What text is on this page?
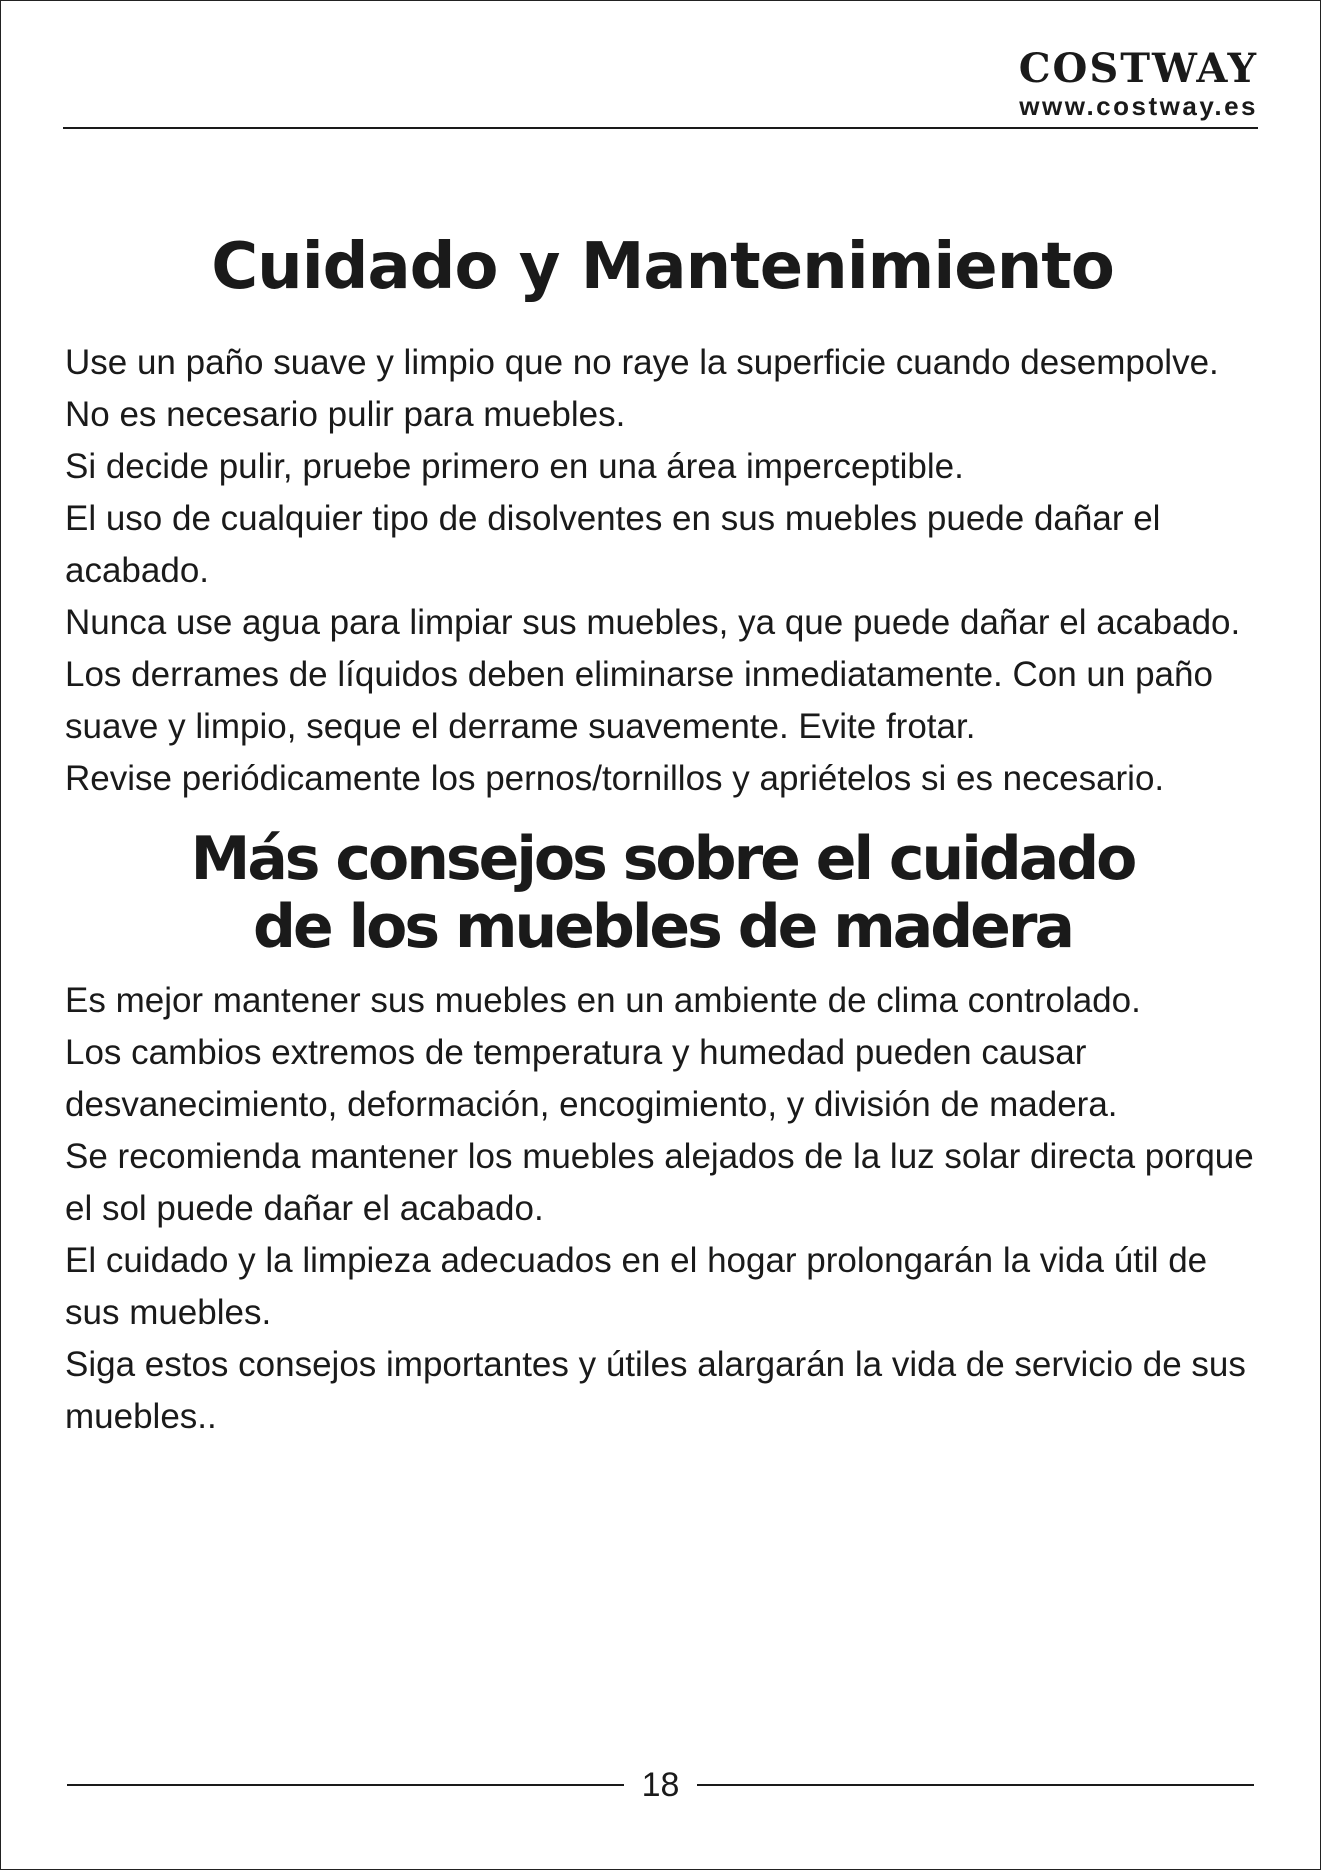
COSTWAY
www.costway.es
Cuidado y Mantenimiento

Use un paño suave y limpio que no raye la superficie cuando desempolve.

No es necesario pulir para muebles.

Si decide pulir, pruebe primero en una área imperceptible.

El uso de cualquier tipo de disolventes en sus muebles puede dañar el acabado.

Nunca use agua para limpiar sus muebles, ya que puede dañar el acabado.

Los derrames de líquidos deben eliminarse inmediatamente. Con un paño suave y limpio, seque el derrame suavemente. Evite frotar.

Revise periódicamente los pernos/tornillos y apriételos si es necesario.

Más consejos sobre el cuidado
de los muebles de madera

Es mejor mantener sus muebles en un ambiente de clima controlado.

Los cambios extremos de temperatura y humedad pueden causar desvanecimiento, deformación, encogimiento, y división de madera.

Se recomienda mantener los muebles alejados de la luz solar directa porque el sol puede dañar el acabado.

El cuidado y la limpieza adecuados en el hogar prolongarán la vida útil de sus muebles.

Siga estos consejos importantes y útiles alargarán la vida de servicio de sus muebles..

18
